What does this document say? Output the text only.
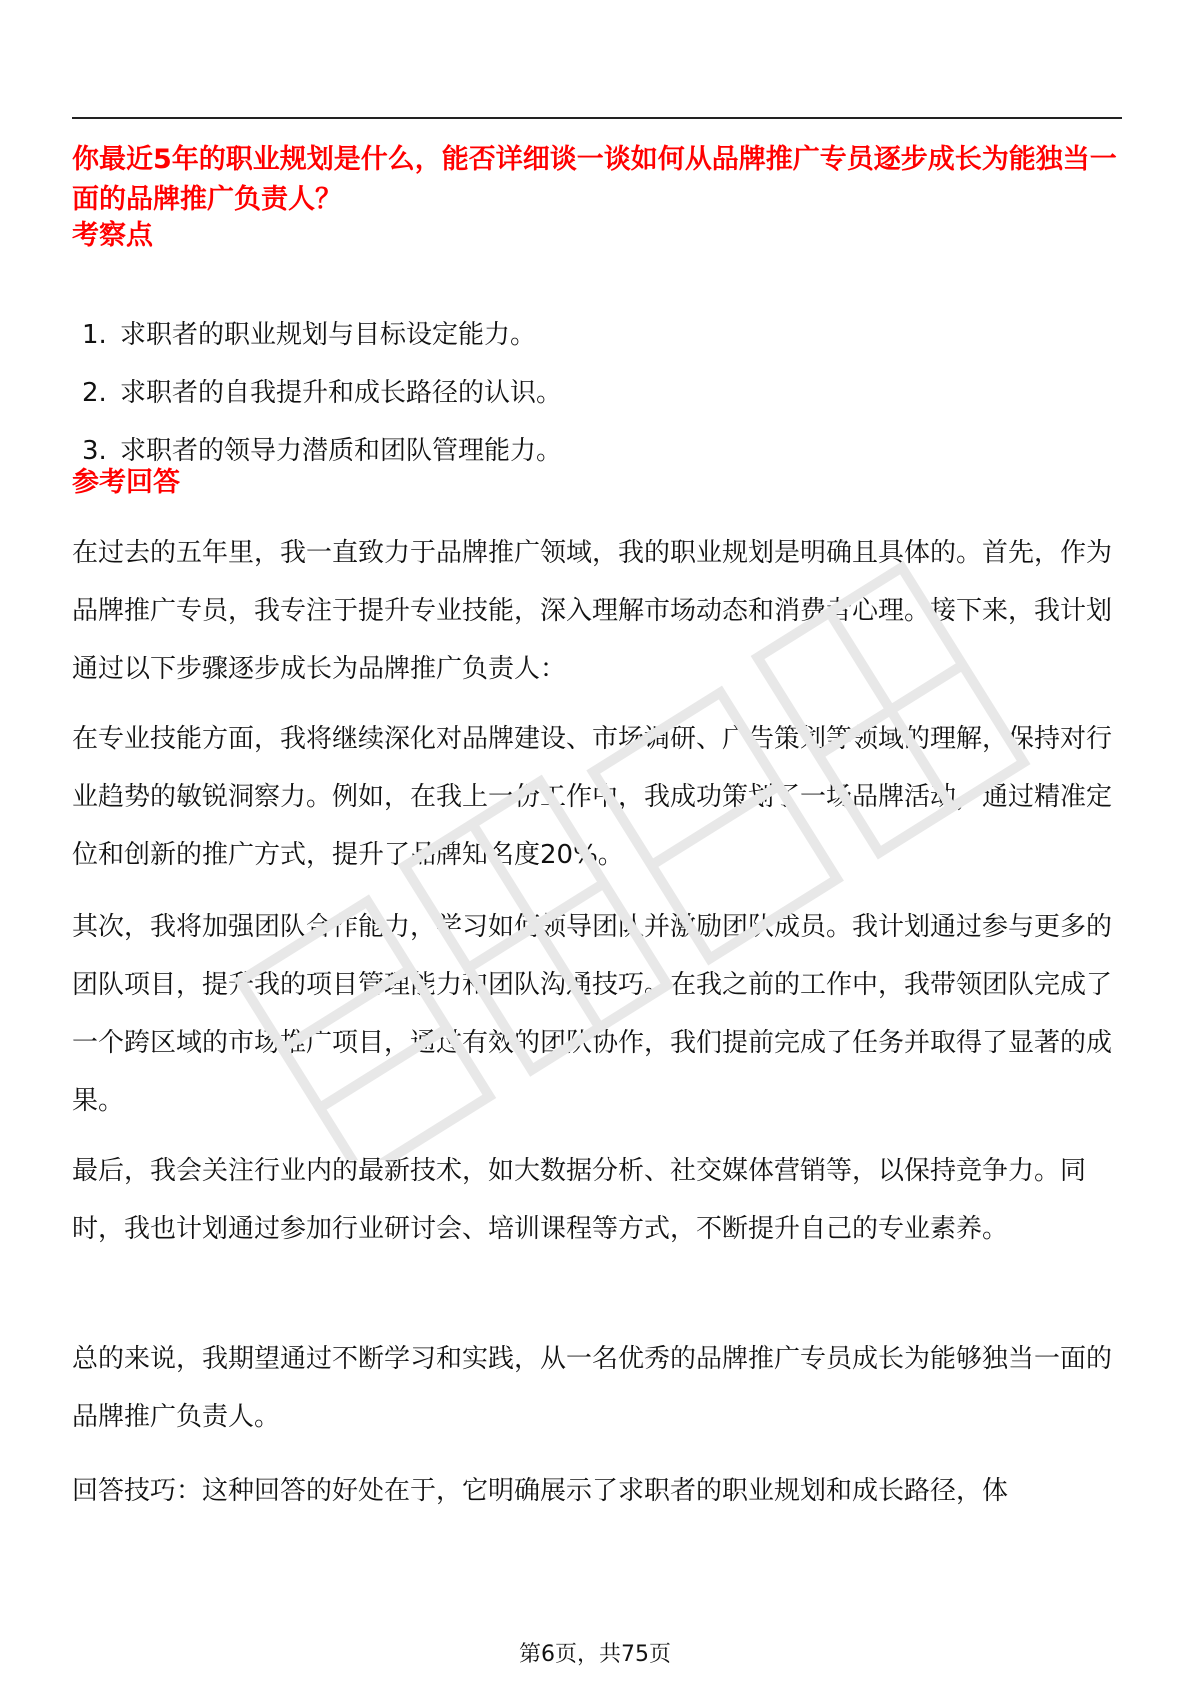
你最近5年的职业规划是什么，能否详细谈一谈如何从品牌推广专员逐步成长为能独当一面的品牌推广负责人？
考察点
1. 求职者的职业规划与目标设定能力。
2. 求职者的自我提升和成长路径的认识。
3. 求职者的领导力潜质和团队管理能力。
参考回答

在过去的五年里，我一直致力于品牌推广领域，我的职业规划是明确且具体的。首先，作为品牌推广专员，我专注于提升专业技能，深入理解市场动态和消费者心理。接下来，我计划通过以下步骤逐步成长为品牌推广负责人：

在专业技能方面，我将继续深化对品牌建设、市场调研、广告策划等领域的理解，保持对行业趋势的敏锐洞察力。例如，在我上一份工作中，我成功策划了一场品牌活动，通过精准定位和创新的推广方式，提升了品牌知名度20%。

其次，我将加强团队合作能力，学习如何领导团队并激励团队成员。我计划通过参与更多的团队项目，提升我的项目管理能力和团队沟通技巧。在我之前的工作中，我带领团队完成了一个跨区域的市场推广项目，通过有效的团队协作，我们提前完成了任务并取得了显著的成果。

最后，我会关注行业内的最新技术，如大数据分析、社交媒体营销等，以保持竞争力。同时，我也计划通过参加行业研讨会、培训课程等方式，不断提升自己的专业素养。

总的来说，我期望通过不断学习和实践，从一名优秀的品牌推广专员成长为能够独当一面的品牌推广负责人。

回答技巧：这种回答的好处在于，它明确展示了求职者的职业规划和成长路径，体

第6页，共75页
